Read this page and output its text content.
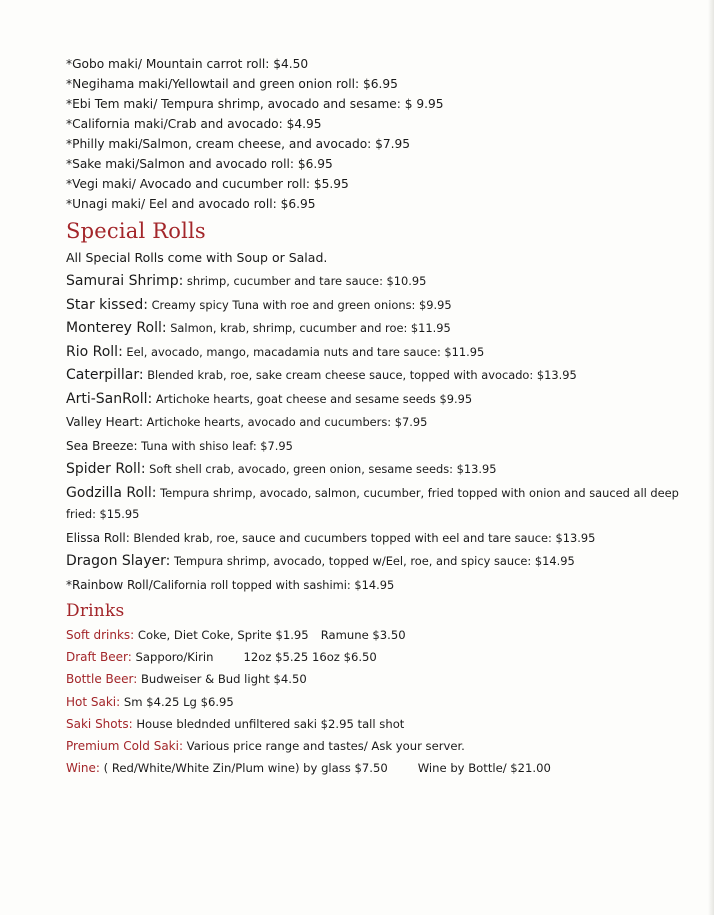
*Gobo maki/ Mountain carrot roll: $4.50
*Negihama maki/Yellowtail and green onion roll: $6.95
*Ebi Tem maki/ Tempura shrimp, avocado and sesame: $ 9.95
*California maki/Crab and avocado: $4.95
*Philly maki/Salmon, cream cheese, and avocado: $7.95
*Sake maki/Salmon and avocado roll: $6.95
*Vegi maki/ Avocado and cucumber roll: $5.95
*Unagi maki/ Eel and avocado roll: $6.95
Special Rolls
All Special Rolls come with Soup or Salad.
Samurai Shrimp: shrimp, cucumber and tare sauce: $10.95
Star kissed: Creamy spicy Tuna with roe and green onions: $9.95
Monterey Roll: Salmon, krab, shrimp, cucumber and roe: $11.95
Rio Roll: Eel, avocado, mango, macadamia nuts and tare sauce: $11.95
Caterpillar: Blended krab, roe, sake cream cheese sauce, topped with avocado: $13.95
Arti-SanRoll: Artichoke hearts, goat cheese and sesame seeds $9.95
Valley Heart: Artichoke hearts, avocado and cucumbers: $7.95
Sea Breeze: Tuna with shiso leaf: $7.95
Spider Roll: Soft shell crab, avocado, green onion, sesame seeds: $13.95
Godzilla Roll: Tempura shrimp, avocado, salmon, cucumber, fried topped with onion and sauced all deep fried: $15.95
Elissa Roll: Blended krab, roe, sauce and cucumbers topped with eel and tare sauce: $13.95
Dragon Slayer: Tempura shrimp, avocado, topped w/Eel, roe, and spicy sauce: $14.95
*Rainbow Roll/California roll topped with sashimi: $14.95
Drinks
Soft drinks: Coke, Diet Coke, Sprite $1.95 Ramune $3.50
Draft Beer: Sapporo/Kirin	12oz $5.25 16oz $6.50
Bottle Beer: Budweiser & Bud light $4.50
Hot Saki: Sm $4.25 Lg $6.95
Saki Shots: House blednded unfiltered saki $2.95 tall shot
Premium Cold Saki: Various price range and tastes/ Ask your server.
Wine: ( Red/White/White Zin/Plum wine) by glass $7.50	Wine by Bottle/ $21.00
